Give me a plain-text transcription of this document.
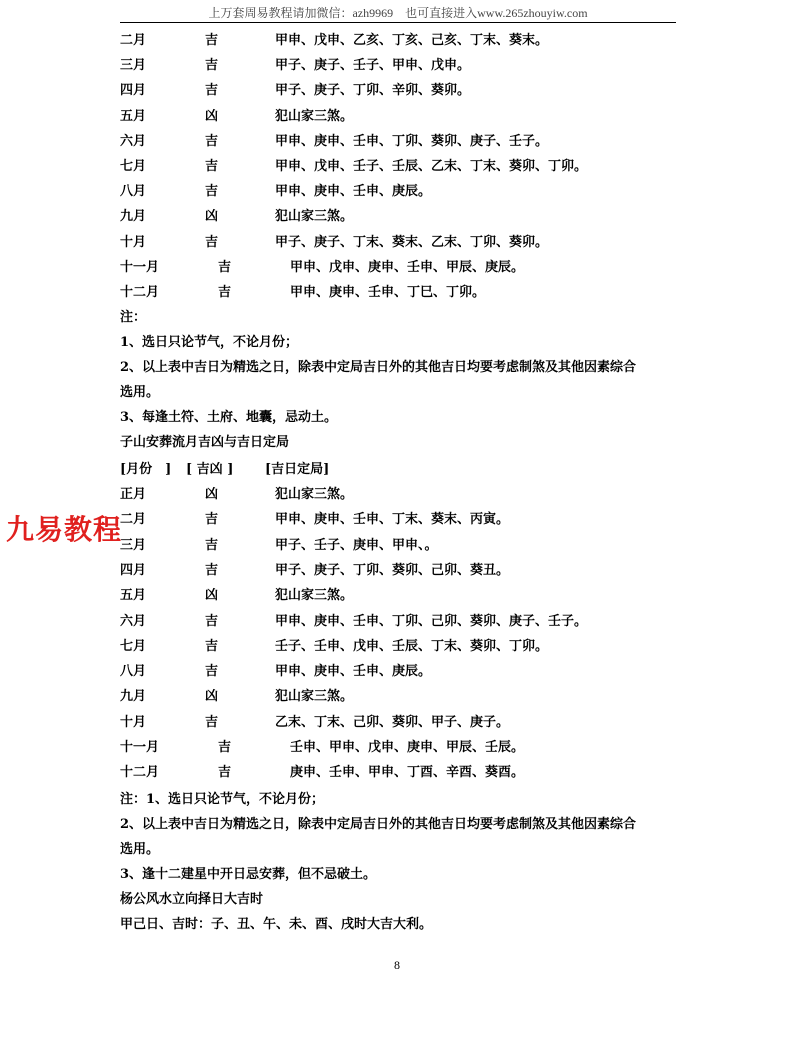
上万套周易教程请加微信：azh9969　也可直接进入www.265zhouyiw.com
二月	吉	甲申、戊申、乙亥、丁亥、己亥、丁末、葵末。
三月	吉	甲子、庚子、壬子、甲申、戊申。
四月	吉	甲子、庚子、丁卯、辛卯、葵卯。
五月	凶	犯山家三煞。
六月	吉	甲申、庚申、壬申、丁卯、葵卯、庚子、壬子。
七月	吉	甲申、戊申、壬子、壬辰、乙末、丁末、葵卯、丁卯。
八月	吉	甲申、庚申、壬申、庚辰。
九月	凶	犯山家三煞。
十月	吉	甲子、庚子、丁末、葵末、乙末、丁卯、葵卯。
十一月	吉	甲申、戊申、庚申、壬申、甲辰、庚辰。
十二月	吉	甲申、庚申、壬申、丁巳、丁卯。
注：
1、选日只论节气，不论月份；
2、以上表中吉日为精选之日，除表中定局吉日外的其他吉日均要考虑制煞及其他因素综合
选用。
3、每逢土符、土府、地囊，忌动土。
子山安葬流月吉凶与吉日定局
[月份　] [ 吉凶 ] [吉日定局]
正月	凶	犯山家三煞。
二月	吉	甲申、庚申、壬申、丁末、葵末、丙寅。
三月	吉	甲子、壬子、庚申、甲申、。
四月	吉	甲子、庚子、丁卯、葵卯、己卯、葵丑。
五月	凶	犯山家三煞。
六月	吉	甲申、庚申、壬申、丁卯、己卯、葵卯、庚子、壬子。
七月	吉	壬子、壬申、戊申、壬辰、丁末、葵卯、丁卯。
八月	吉	甲申、庚申、壬申、庚辰。
九月	凶	犯山家三煞。
十月	吉	乙末、丁末、己卯、葵卯、甲子、庚子。
十一月	吉	壬申、甲申、戊申、庚申、甲辰、壬辰。
十二月	吉	庚申、壬申、甲申、丁酉、辛酉、葵酉。
注：1、选日只论节气，不论月份；
2、以上表中吉日为精选之日，除表中定局吉日外的其他吉日均要考虑制煞及其他因素综合
选用。
3、逢十二建星中开日忌安葬，但不忌破土。
杨公风水立向择日大吉时
甲己日、吉时：子、丑、午、未、酉、戌时大吉大利。
九易教程
8
